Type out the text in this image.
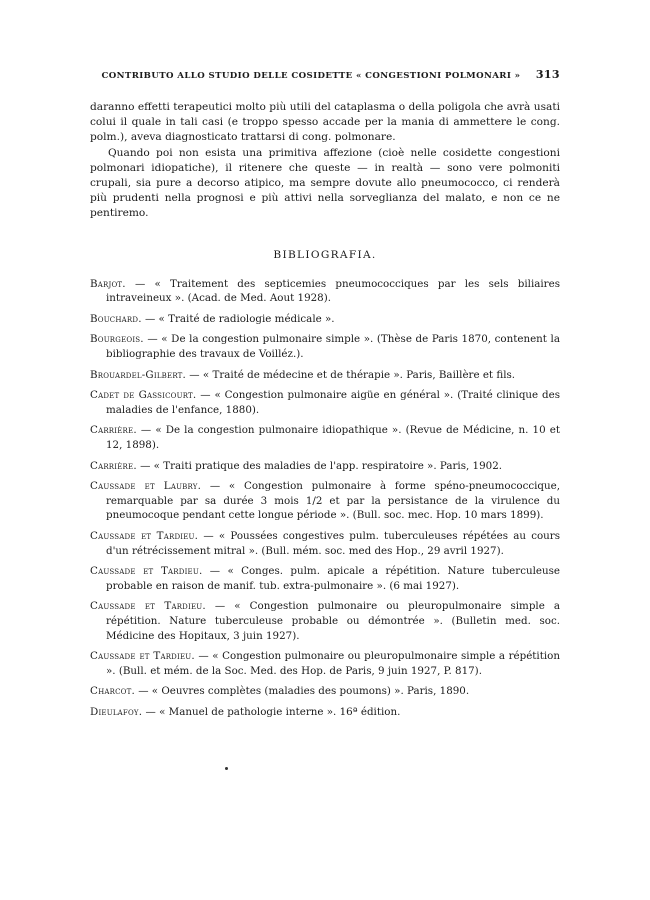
CONTRIBUTO ALLO STUDIO DELLE COSIDETTE « CONGESTIONI POLMONARI » 313

daranno effetti terapeutici molto più utili del cataplasma o della poligola che avrà usati colui il quale in tali casi (e troppo spesso accade per la mania di ammettere le cong. polm.), aveva diagnosticato trattarsi di cong. polmonare.

Quando poi non esista una primitiva affezione (cioè nelle cosidette congestioni polmonari idiopatiche), il ritenere che queste — in realtà — sono vere polmoniti crupali, sia pure a decorso atipico, ma sempre dovute allo pneumococco, ci renderà più prudenti nella prognosi e più attivi nella sorveglianza del malato, e non ce ne pentiremo.

BIBLIOGRAFIA.

Barjot. — « Traitement des septicemies pneumococciques par les sels biliaires intraveineux ». (Acad. de Med. Aout 1928).

Bouchard. — « Traité de radiologie médicale ».

Bourgeois. — « De la congestion pulmonaire simple ». (Thèse de Paris 1870, contenent la bibliographie des travaux de Voilléz.).

Brouardel-Gilbert. — « Traité de médecine et de thérapie ». Paris, Baillère et fils.

Cadet de Gassicourt. — « Congestion pulmonaire aigüe en général ». (Traité clinique des maladies de l'enfance, 1880).

Carrière. — « De la congestion pulmonaire idiopathique ». (Revue de Médicine, n. 10 et 12, 1898).

Carrière. — « Traiti pratique des maladies de l'app. respiratoire ». Paris, 1902.

Caussade et Laubry. — « Congestion pulmonaire à forme spéno-pneumococcique, remarquable par sa durée 3 mois 1/2 et par la persistance de la virulence du pneumocoque pendant cette longue période ». (Bull. soc. mec. Hop. 10 mars 1899).

Caussade et Tardieu. — « Poussées congestives pulm. tuberculeuses répétées au cours d'un rétrécissement mitral ». (Bull. mém. soc. med des Hop., 29 avril 1927).

Caussade et Tardieu. — « Conges. pulm. apicale a répétition. Nature tuberculeuse probable en raison de manif. tub. extra-pulmonaire ». (6 mai 1927).

Caussade et Tardieu. — « Congestion pulmonaire ou pleuropulmonaire simple a répétition. Nature tuberculeuse probable ou démontrée ». (Bulletin med. soc. Médicine des Hopitaux, 3 juin 1927).

Caussade et Tardieu. — « Congestion pulmonaire ou pleuropulmonaire simple a répétition ». (Bull. et mém. de la Soc. Med. des Hop. de Paris, 9 juin 1927, P. 817).

Charcot. — « Oeuvres complètes (maladies des poumons) ». Paris, 1890.

Dieulafoy. — « Manuel de pathologie interne ». 16ª édition.
